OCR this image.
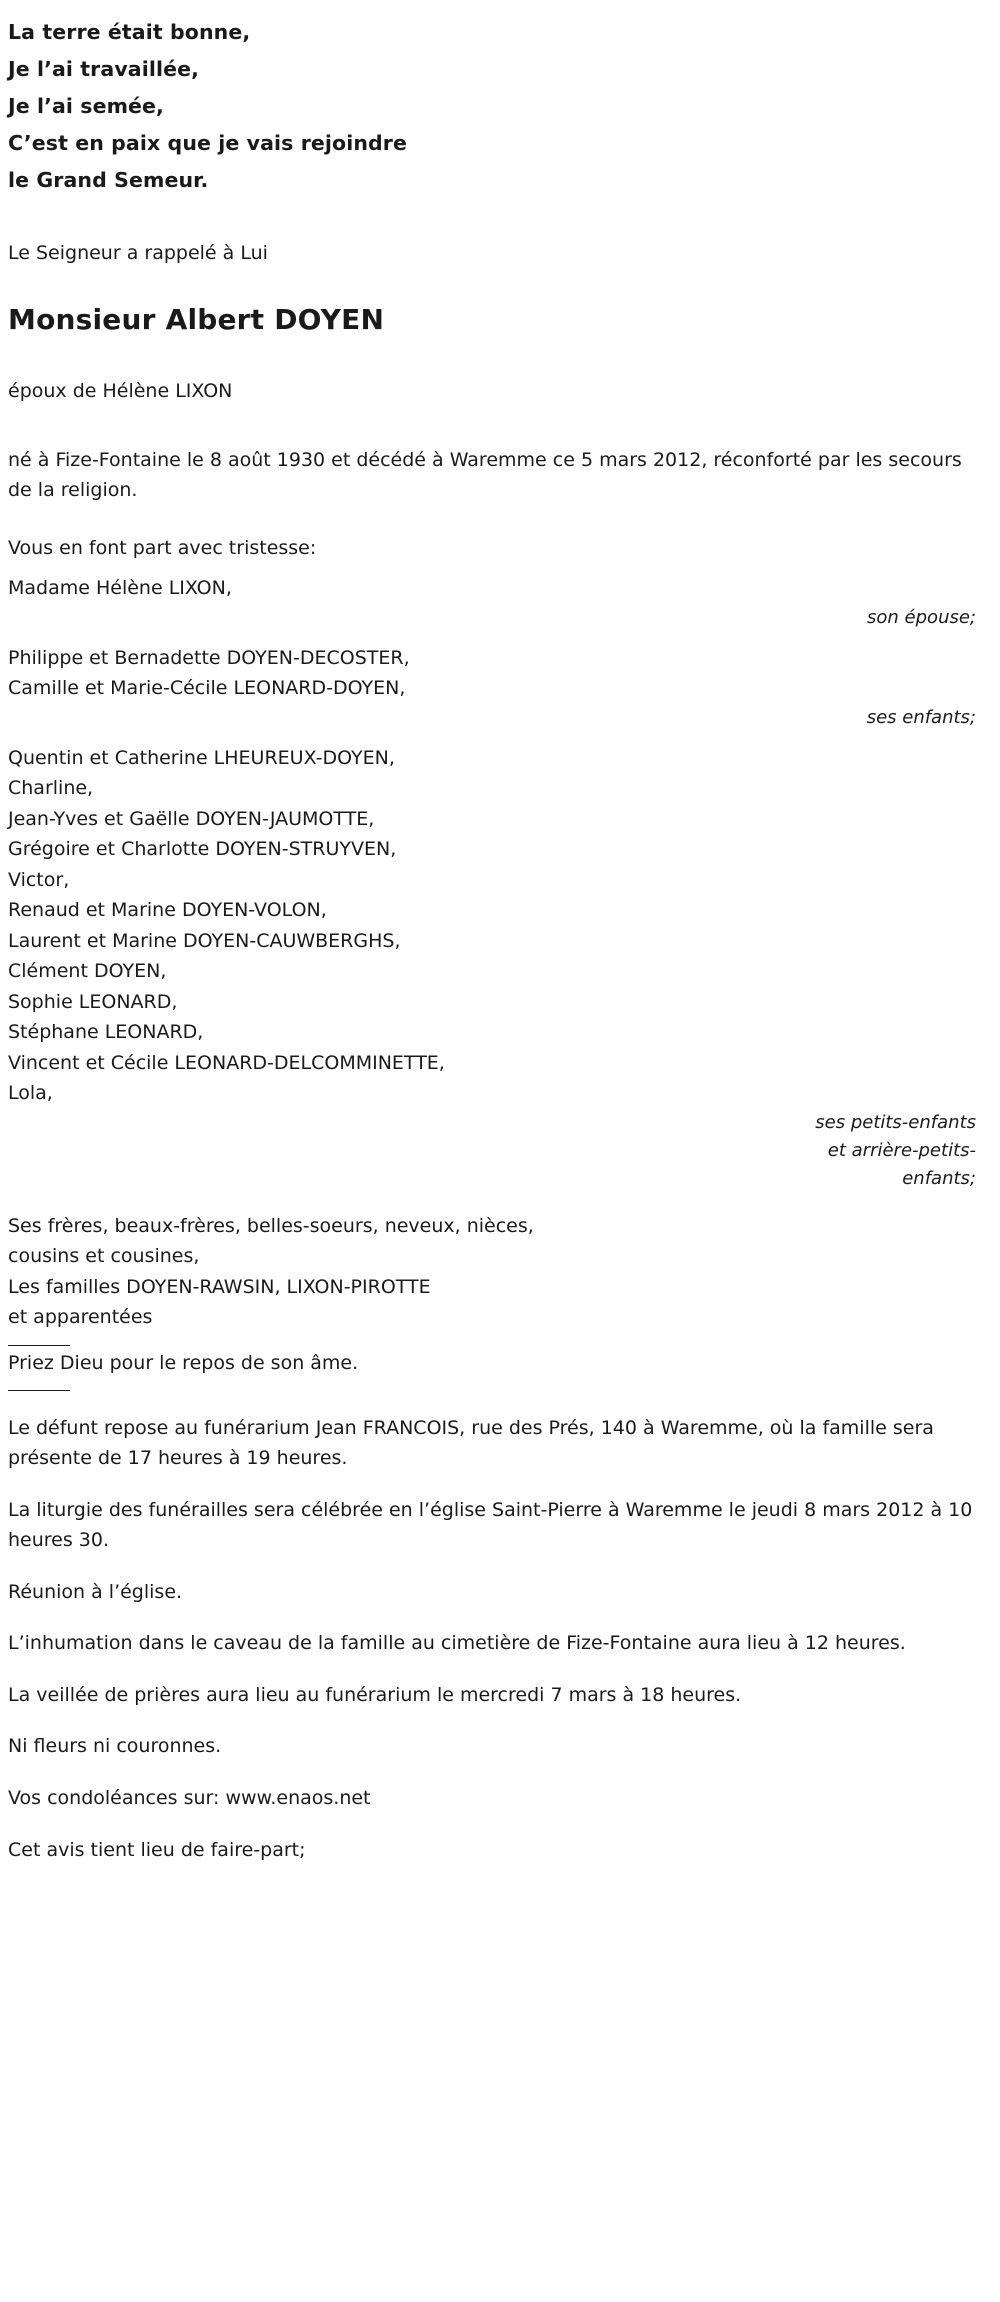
La terre était bonne,
Je l’ai travaillée,
Je l’ai semée,
C’est en paix que je vais rejoindre
le Grand Semeur.
Le Seigneur a rappelé à Lui
Monsieur Albert DOYEN
époux de Hélène LIXON
né à Fize-Fontaine le 8 août 1930 et décédé à Waremme ce 5 mars 2012, réconforté par les secours de la religion.
Vous en font part avec tristesse:
Madame Hélène LIXON,
son épouse;
Philippe et Bernadette DOYEN-DECOSTER,
Camille et Marie-Cécile LEONARD-DOYEN,
ses enfants;
Quentin et Catherine LHEUREUX-DOYEN,
Charline,
Jean-Yves et Gaëlle DOYEN-JAUMOTTE,
Grégoire et Charlotte DOYEN-STRUYVEN,
Victor,
Renaud et Marine DOYEN-VOLON,
Laurent et Marine DOYEN-CAUWBERGHS,
Clément DOYEN,
Sophie LEONARD,
Stéphane LEONARD,
Vincent et Cécile LEONARD-DELCOMMINETTE,
Lola,
ses petits-enfants
et arrière-petits-
enfants;
Ses frères, beaux-frères, belles-soeurs, neveux, nièces,
cousins et cousines,
Les familles DOYEN-RAWSIN, LIXON-PIROTTE
et apparentées
Priez Dieu pour le repos de son âme.
Le défunt repose au funérarium Jean FRANCOIS, rue des Prés, 140 à Waremme, où la famille sera présente de 17 heures à 19 heures.
La liturgie des funérailles sera célébrée en l’église Saint-Pierre à Waremme le jeudi 8 mars 2012 à 10 heures 30.
Réunion à l’église.
L’inhumation dans le caveau de la famille au cimetière de Fize-Fontaine aura lieu à 12 heures.
La veillée de prières aura lieu au funérarium le mercredi 7 mars à 18 heures.
Ni fleurs ni couronnes.
Vos condoléances sur: www.enaos.net
Cet avis tient lieu de faire-part;
